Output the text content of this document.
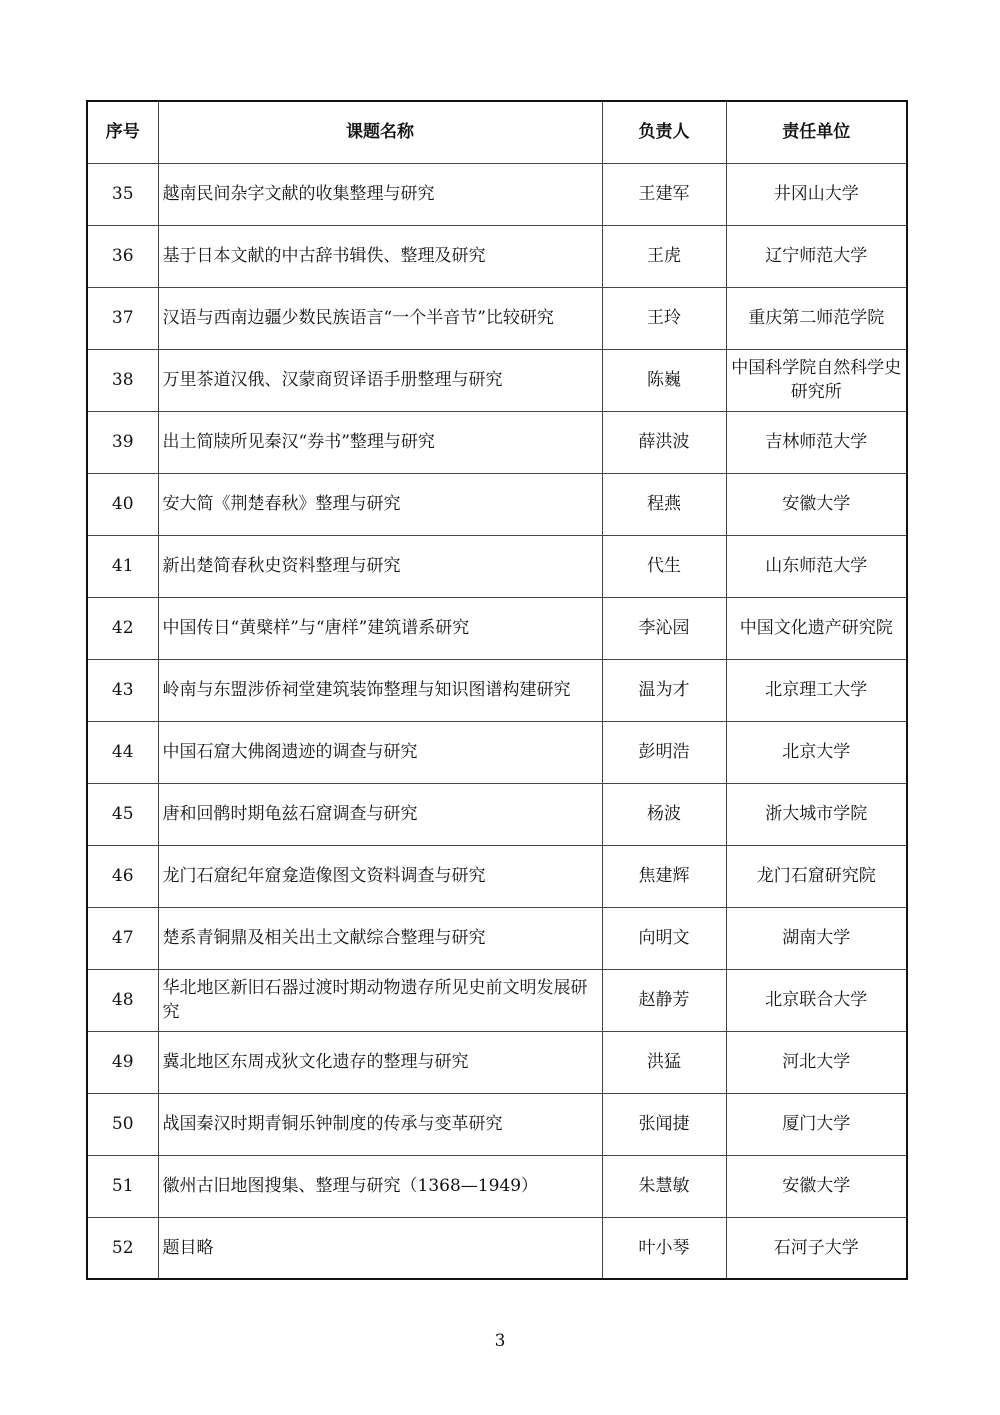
序号	课题名称	负责人	责任单位
35	越南民间杂字文献的收集整理与研究	王建军	井冈山大学
36	基于日本文献的中古辞书辑佚、整理及研究	王虎	辽宁师范大学
37	汉语与西南边疆少数民族语言“一个半音节”比较研究	王玲	重庆第二师范学院
38	万里茶道汉俄、汉蒙商贸译语手册整理与研究	陈巍	中国科学院自然科学史研究所
39	出土简牍所见秦汉“券书”整理与研究	薛洪波	吉林师范大学
40	安大简《荆楚春秋》整理与研究	程燕	安徽大学
41	新出楚简春秋史资料整理与研究	代生	山东师范大学
42	中国传日“黄檗样”与“唐样”建筑谱系研究	李沁园	中国文化遗产研究院
43	岭南与东盟涉侨祠堂建筑装饰整理与知识图谱构建研究	温为才	北京理工大学
44	中国石窟大佛阁遗迹的调查与研究	彭明浩	北京大学
45	唐和回鹘时期龟兹石窟调查与研究	杨波	浙大城市学院
46	龙门石窟纪年窟龛造像图文资料调查与研究	焦建辉	龙门石窟研究院
47	楚系青铜鼎及相关出土文献综合整理与研究	向明文	湖南大学
48	华北地区新旧石器过渡时期动物遗存所见史前文明发展研究	赵静芳	北京联合大学
49	冀北地区东周戎狄文化遗存的整理与研究	洪猛	河北大学
50	战国秦汉时期青铜乐钟制度的传承与变革研究	张闻捷	厦门大学
51	徽州古旧地图搜集、整理与研究（1368—1949）	朱慧敏	安徽大学
52	题目略	叶小琴	石河子大学
3
